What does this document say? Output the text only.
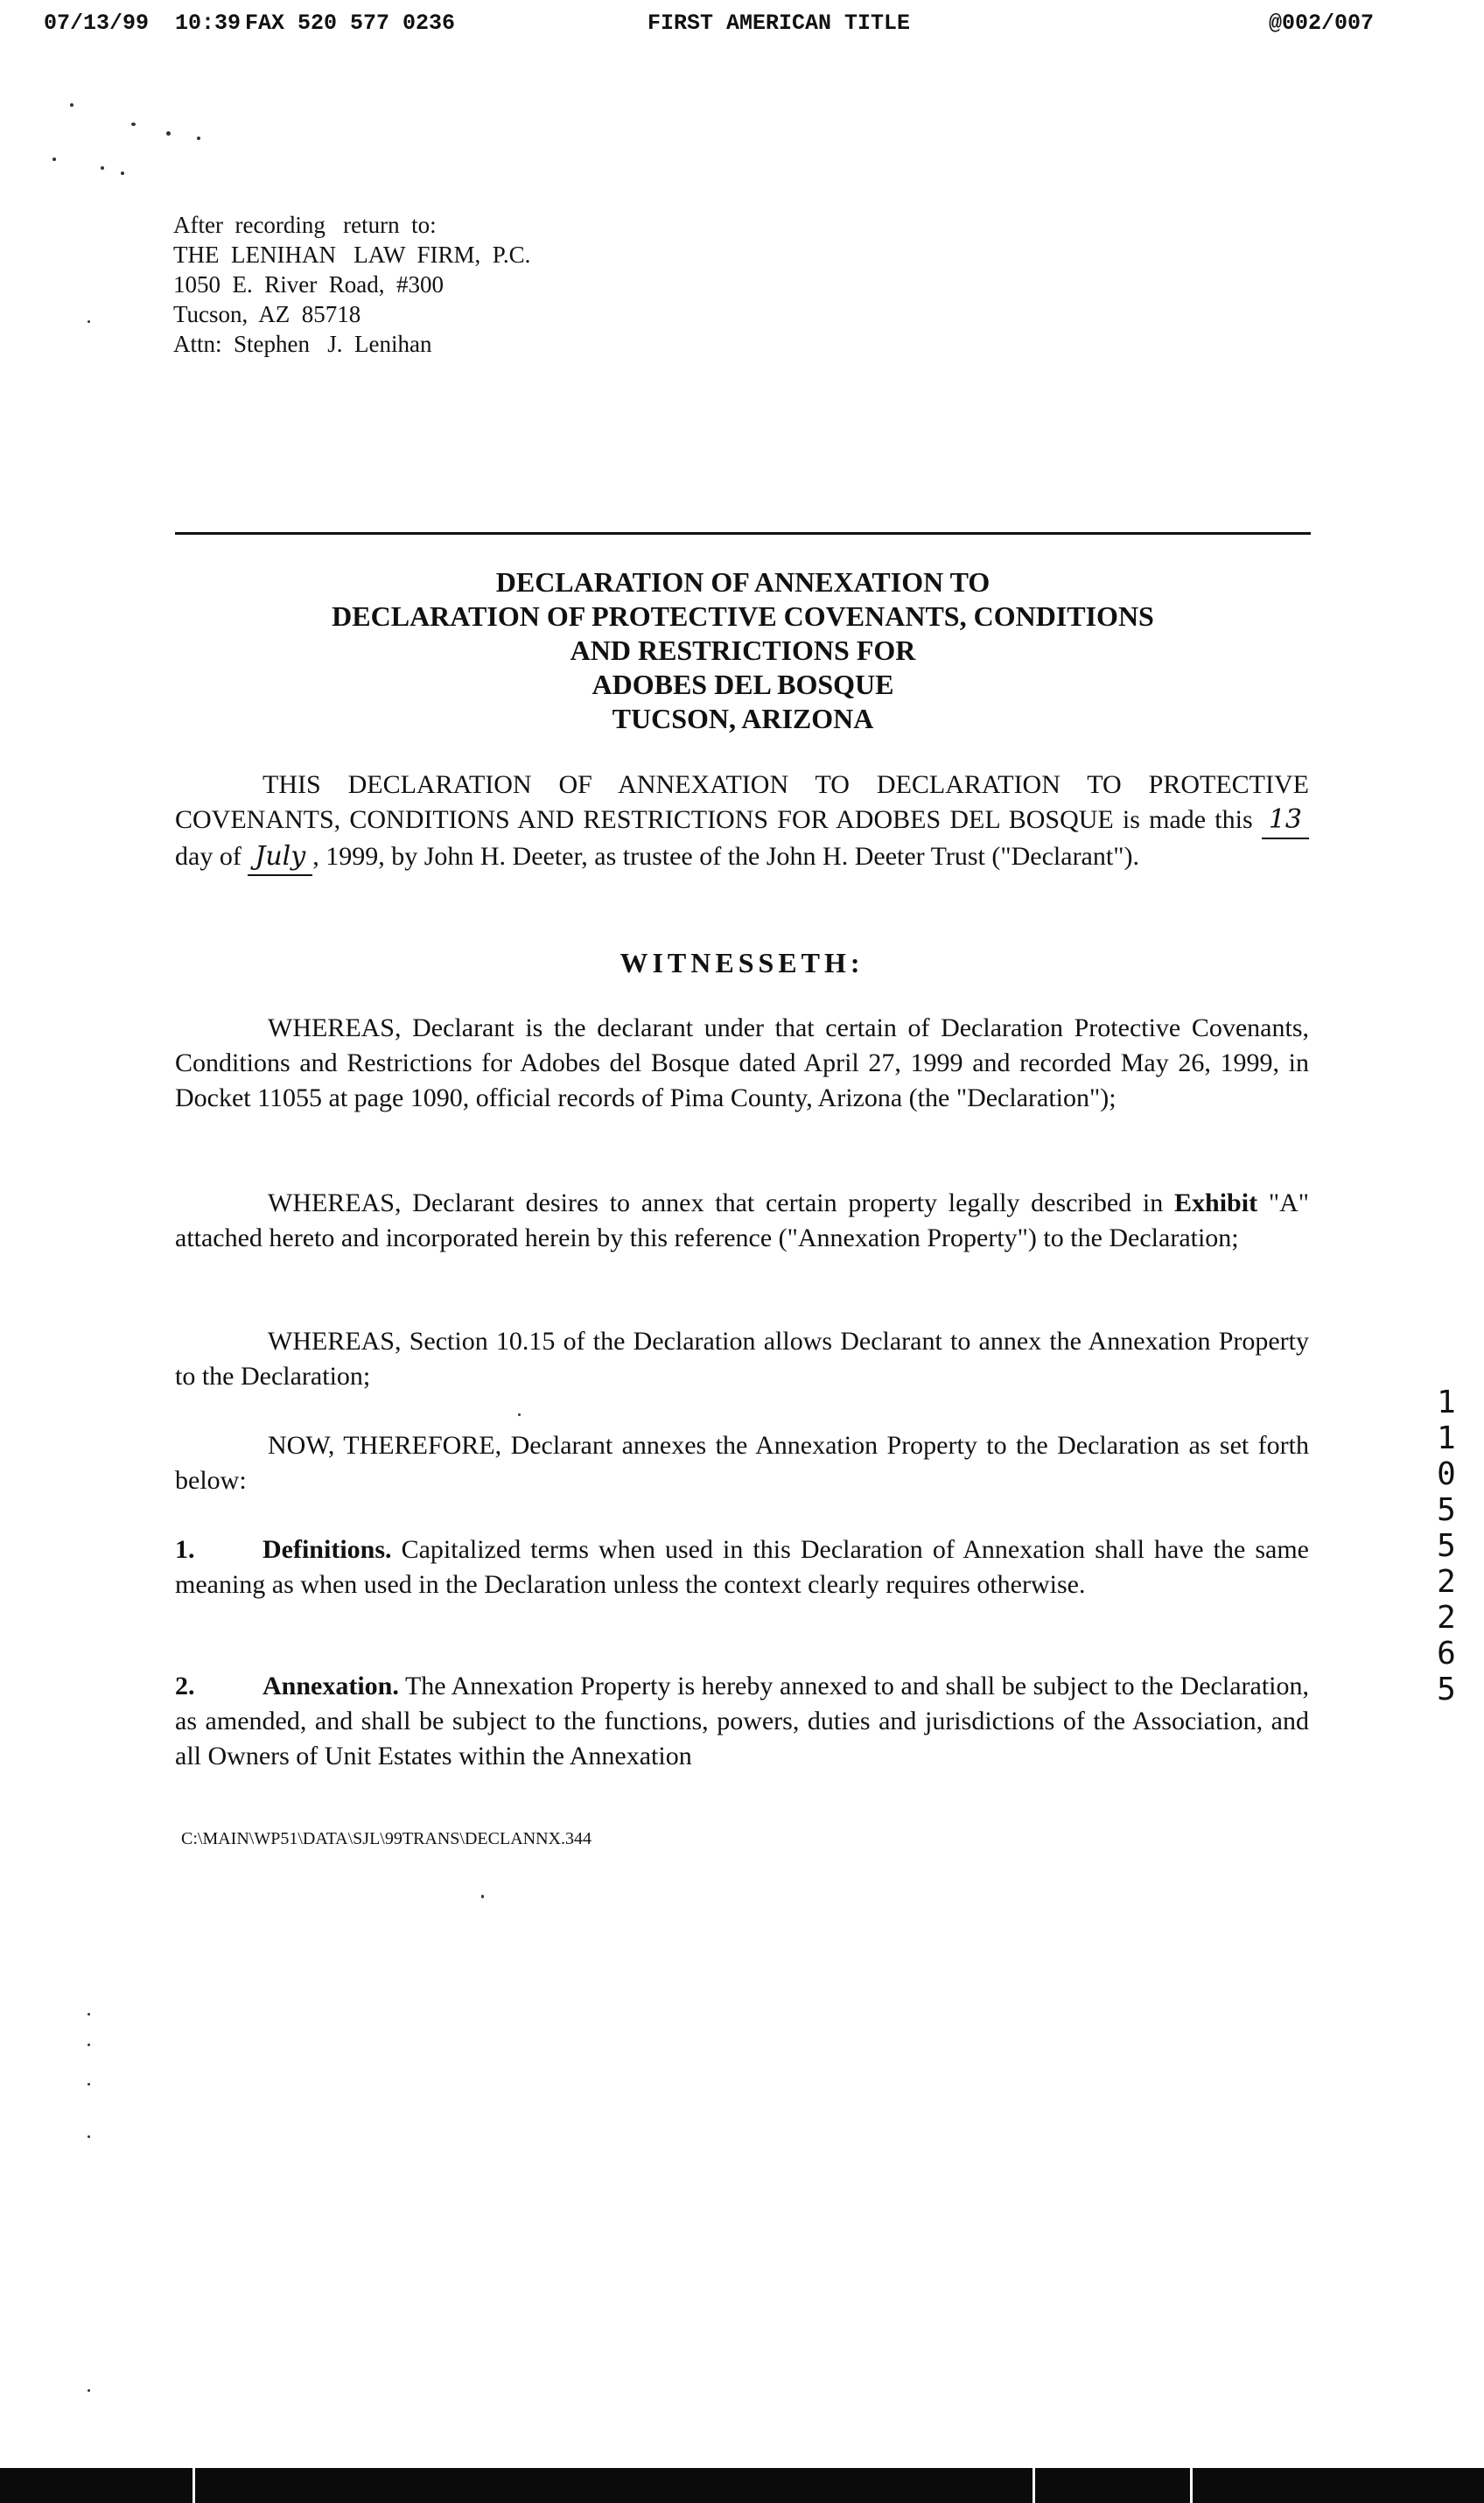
07/13/99  10:39 FAX 520 577 0236	FIRST AMERICAN TITLE	@002/007
After  recording   return  to:
THE  LENIHAN   LAW  FIRM,  P.C.
1050  E.  River  Road,  #300
Tucson,  AZ  85718
Attn:  Stephen   J.  Lenihan
DECLARATION OF ANNEXATION TO
DECLARATION OF PROTECTIVE COVENANTS, CONDITIONS
AND RESTRICTIONS FOR
ADOBES DEL BOSQUE
TUCSON, ARIZONA
THIS DECLARATION OF ANNEXATION TO DECLARATION TO PROTECTIVE COVENANTS, CONDITIONS AND RESTRICTIONS FOR ADOBES DEL BOSQUE is made this 13 day of July , 1999, by John H. Deeter, as trustee of the John H. Deeter Trust ("Declarant").
WITNESSETH:
WHEREAS, Declarant is the declarant under that certain of Declaration Protective Covenants, Conditions and Restrictions for Adobes del Bosque dated April 27, 1999 and recorded May 26, 1999, in Docket 11055 at page 1090, official records of Pima County, Arizona (the "Declaration");
WHEREAS, Declarant desires to annex that certain property legally described in Exhibit "A" attached hereto and incorporated herein by this reference ("Annexation Property") to the Declaration;
WHEREAS, Section 10.15 of the Declaration allows Declarant to annex the Annexation Property to the Declaration;
NOW, THEREFORE, Declarant annexes the Annexation Property to the Declaration as set forth below:
1.	Definitions. Capitalized terms when used in this Declaration of Annexation shall have the same meaning as when used in the Declaration unless the context clearly requires otherwise.
2.	Annexation. The Annexation Property is hereby annexed to and shall be subject to the Declaration, as amended, and shall be subject to the functions, powers, duties and jurisdictions of the Association, and all Owners of Unit Estates within the Annexation
C:\MAIN\WP51\DATA\SJL\99TRANS\DECLANNX.344
1
1
0
5
5
2
2
6
5
